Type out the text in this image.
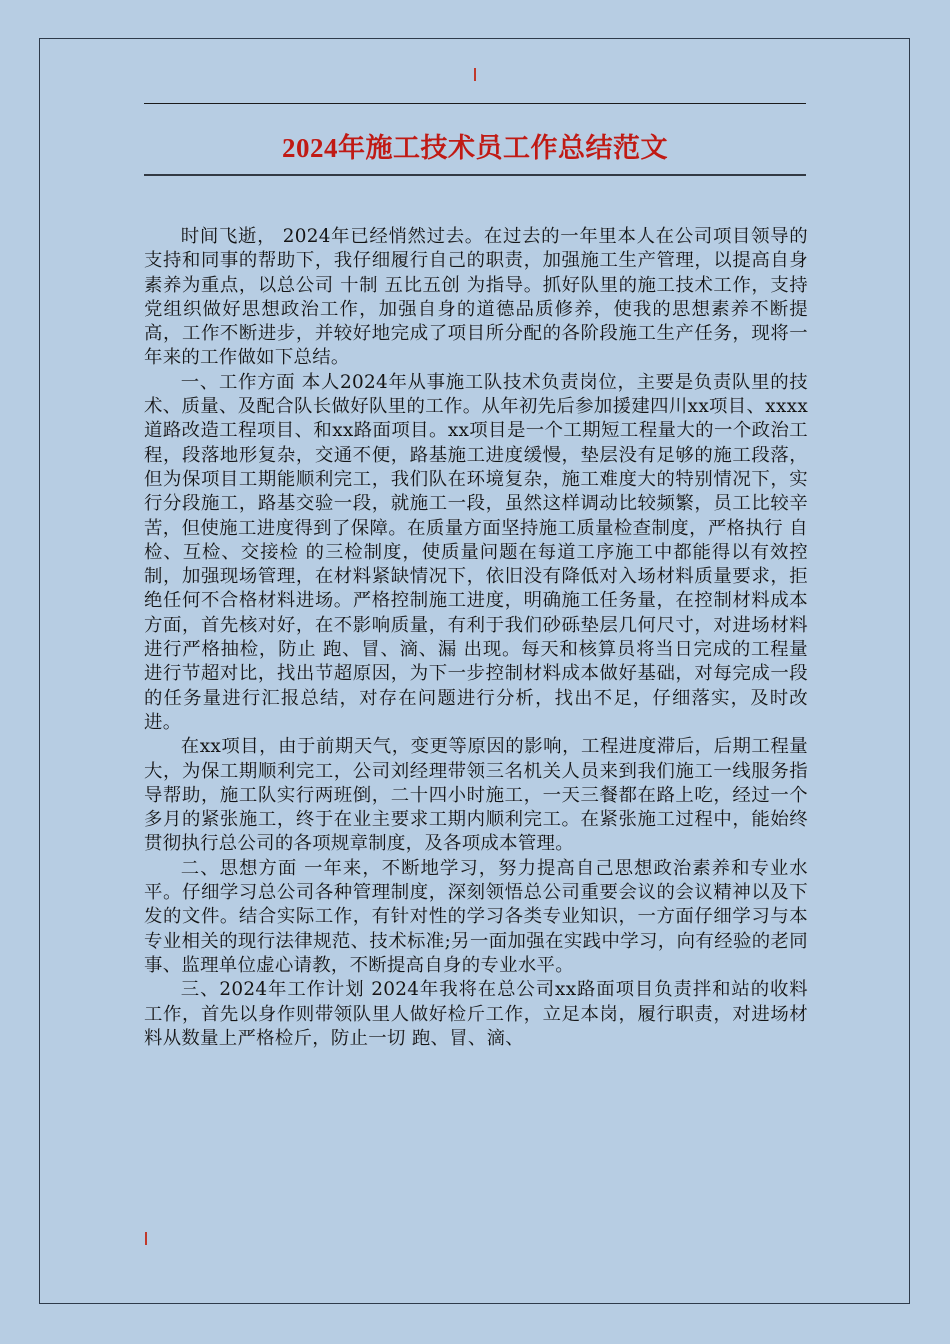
2024年施工技术员工作总结范文

时间飞逝， 2024年已经悄然过去。在过去的一年里本人在公司项目领导的支持和同事的帮助下，我仔细履行自己的职责，加强施工生产管理，以提高自身素养为重点，以总公司 十制 五比五创 为指导。抓好队里的施工技术工作，支持党组织做好思想政治工作，加强自身的道德品质修养，使我的思想素养不断提高，工作不断进步，并较好地完成了项目所分配的各阶段施工生产任务，现将一年来的工作做如下总结。

一、工作方面 本人2024年从事施工队技术负责岗位，主要是负责队里的技术、质量、及配合队长做好队里的工作。从年初先后参加援建四川xx项目、xxxx道路改造工程项目、和xx路面项目。xx项目是一个工期短工程量大的一个政治工程，段落地形复杂，交通不便，路基施工进度缓慢，垫层没有足够的施工段落，但为保项目工期能顺利完工，我们队在环境复杂，施工难度大的特别情况下，实行分段施工，路基交验一段，就施工一段，虽然这样调动比较频繁，员工比较辛苦，但使施工进度得到了保障。在质量方面坚持施工质量检查制度，严格执行 自检、互检、交接检 的三检制度，使质量问题在每道工序施工中都能得以有效控制，加强现场管理，在材料紧缺情况下，依旧没有降低对入场材料质量要求，拒绝任何不合格材料进场。严格控制施工进度，明确施工任务量，在控制材料成本方面，首先核对好，在不影响质量，有利于我们砂砾垫层几何尺寸，对进场材料进行严格抽检，防止 跑、冒、滴、漏 出现。每天和核算员将当日完成的工程量进行节超对比，找出节超原因，为下一步控制材料成本做好基础，对每完成一段的任务量进行汇报总结，对存在问题进行分析，找出不足，仔细落实，及时改进。

在xx项目，由于前期天气，变更等原因的影响，工程进度滞后，后期工程量大，为保工期顺利完工，公司刘经理带领三名机关人员来到我们施工一线服务指导帮助，施工队实行两班倒，二十四小时施工，一天三餐都在路上吃，经过一个多月的紧张施工，终于在业主要求工期内顺利完工。在紧张施工过程中，能始终贯彻执行总公司的各项规章制度，及各项成本管理。

二、思想方面 一年来，不断地学习，努力提高自己思想政治素养和专业水平。仔细学习总公司各种管理制度，深刻领悟总公司重要会议的会议精神以及下发的文件。结合实际工作，有针对性的学习各类专业知识，一方面仔细学习与本专业相关的现行法律规范、技术标准;另一面加强在实践中学习，向有经验的老同事、监理单位虚心请教，不断提高自身的专业水平。

三、2024年工作计划 2024年我将在总公司xx路面项目负责拌和站的收料工作，首先以身作则带领队里人做好检斤工作，立足本岗，履行职责，对进场材料从数量上严格检斤，防止一切 跑、冒、滴、
